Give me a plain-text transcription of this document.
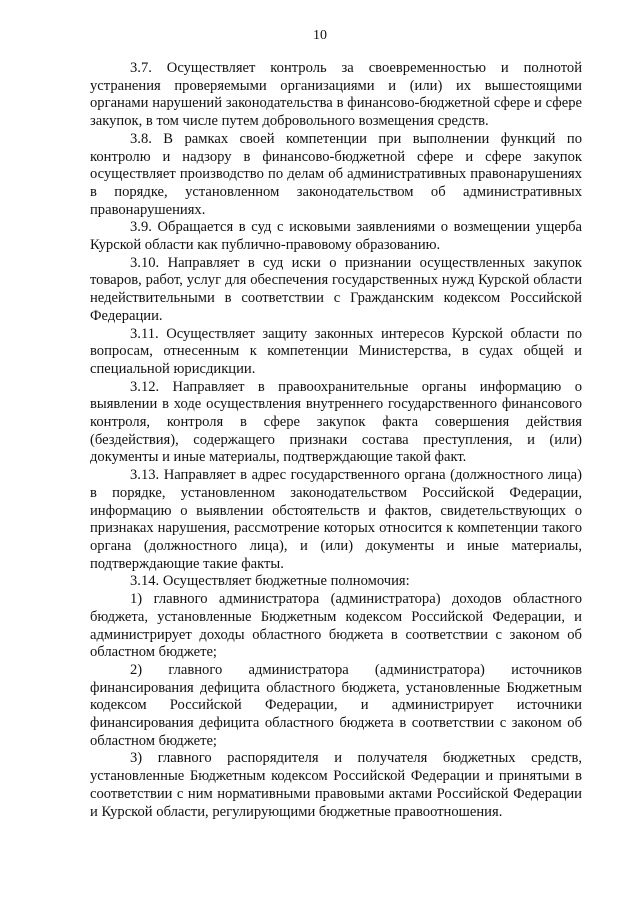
10

3.7. Осуществляет контроль за своевременностью и полнотой устранения проверяемыми организациями и (или) их вышестоящими органами нарушений законодательства в финансово-бюджетной сфере и сфере закупок, в том числе путем добровольного возмещения средств.

3.8. В рамках своей компетенции при выполнении функций по контролю и надзору в финансово-бюджетной сфере и сфере закупок осуществляет производство по делам об административных правонарушениях в порядке, установленном законодательством об административных правонарушениях.

3.9. Обращается в суд с исковыми заявлениями о возмещении ущерба Курской области как публично-правовому образованию.

3.10. Направляет в суд иски о признании осуществленных закупок товаров, работ, услуг для обеспечения государственных нужд Курской области недействительными в соответствии с Гражданским кодексом Российской Федерации.

3.11. Осуществляет защиту законных интересов Курской области по вопросам, отнесенным к компетенции Министерства, в судах общей и специальной юрисдикции.

3.12. Направляет в правоохранительные органы информацию о выявлении в ходе осуществления внутреннего государственного финансового контроля, контроля в сфере закупок факта совершения действия (бездействия), содержащего признаки состава преступления, и (или) документы и иные материалы, подтверждающие такой факт.

3.13. Направляет в адрес государственного органа (должностного лица) в порядке, установленном законодательством Российской Федерации, информацию о выявлении обстоятельств и фактов, свидетельствующих о признаках нарушения, рассмотрение которых относится к компетенции такого органа (должностного лица), и (или) документы и иные материалы, подтверждающие такие факты.

3.14. Осуществляет бюджетные полномочия:

1) главного администратора (администратора) доходов областного бюджета, установленные Бюджетным кодексом Российской Федерации, и администрирует доходы областного бюджета в соответствии с законом об областном бюджете;

2) главного администратора (администратора) источников финансирования дефицита областного бюджета, установленные Бюджетным кодексом Российской Федерации, и администрирует источники финансирования дефицита областного бюджета в соответствии с законом об областном бюджете;

3) главного распорядителя и получателя бюджетных средств, установленные Бюджетным кодексом Российской Федерации и принятыми в соответствии с ним нормативными правовыми актами Российской Федерации и Курской области, регулирующими бюджетные правоотношения.
